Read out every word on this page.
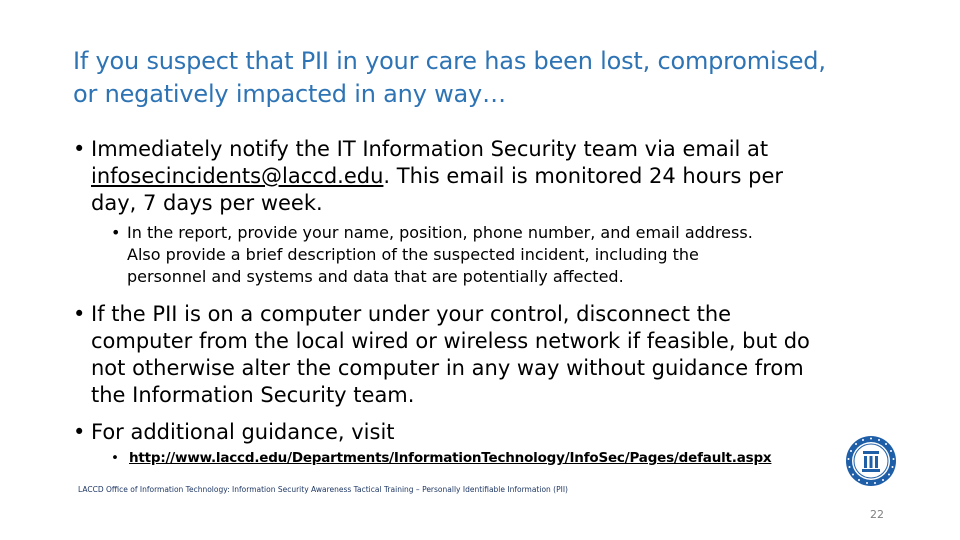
If you suspect that PII in your care has been lost, compromised,
or negatively impacted in any way…
• Immediately notify the IT Information Security team via email at
infosecincidents@laccd.edu. This email is monitored 24 hours per
day, 7 days per week.
• In the report, provide your name, position, phone number, and email address.
Also provide a brief description of the suspected incident, including the
personnel and systems and data that are potentially affected.
• If the PII is on a computer under your control, disconnect the
computer from the local wired or wireless network if feasible, but do
not otherwise alter the computer in any way without guidance from
the Information Security team.
• For additional guidance, visit
• http://www.laccd.edu/Departments/InformationTechnology/InfoSec/Pages/default.aspx
LACCD Office of Information Technology: Information Security Awareness Tactical Training – Personally Identifiable Information (PII)
22
